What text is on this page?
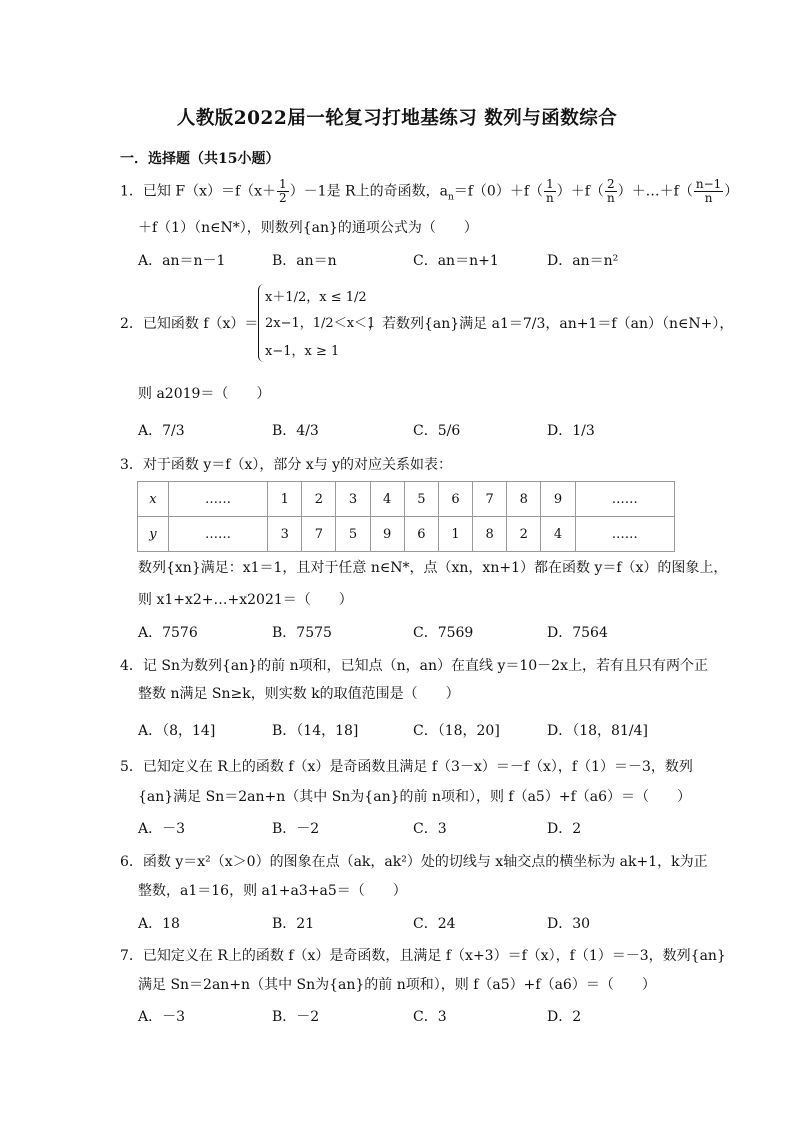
人教版2022届一轮复习打地基练习 数列与函数综合
一．选择题（共15小题）
1．已知 $F(x)=f(x+ \frac{1}{2} )-1$是 R上的奇函数，$a_n=f(0)+f( \frac{1}{n} )+f( \frac{2}{n}$ ）＋…＋f（ $\frac{n-1}{n}$ ）
＋f（1）（n∈N*），则数列{an}的通项公式为（　　）
A．an＝n－1	B．an＝n	C．an＝n+1	D．an＝n²
2．已知函数 f（x）＝
x＋1/2，x ≤ 1/2
2x−1，1/2＜x＜1
x−1，x ≥ 1
，若数列{an}满足 a1＝7/3，an+1＝f（an）（n∈N+），
则 a2019＝（　　）
A．7/3	B．4/3	C．5/6	D．1/3
3．对于函数 y＝f（x），部分 x与 y的对应关系如表：
x	……	1	2	3	4	5	6	7	8	9	……
y	……	3	7	5	9	6	1	8	2	4	……
数列{xn}满足：x1＝1，且对于任意 n∈N*，点（xn，xn+1）都在函数 y＝f（x）的图象上，
则 x1+x2+…+x2021＝（　　）
A．7576	B．7575	C．7569	D．7564
4．记 Sn为数列{an}的前 n项和，已知点（n，an）在直线 y＝10－2x上，若有且只有两个正
整数 n满足 Sn≥k，则实数 k的取值范围是（　　）
A．（8，14]	B．（14，18]	C．（18，20]	D．（18，81/4]
5．已知定义在 R上的函数 f（x）是奇函数且满足 f（3－x）＝－f（x），f（1）＝－3，数列
{an}满足 Sn＝2an+n（其中 Sn为{an}的前 n项和），则 f（a5）+f（a6）＝（　　）
A．－3	B．－2	C．3	D．2
6．函数 y＝x²（x＞0）的图象在点（ak，ak²）处的切线与 x轴交点的横坐标为 ak+1，k为正
整数，a1＝16，则 a1+a3+a5＝（　　）
A．18	B．21	C．24	D．30
7．已知定义在 R上的函数 f（x）是奇函数，且满足 f（x+3）＝f（x），f（1）＝－3，数列{an}
满足 Sn＝2an+n（其中 Sn为{an}的前 n项和），则 f（a5）+f（a6）＝（　　）
A．－3	B．－2	C．3	D．2
